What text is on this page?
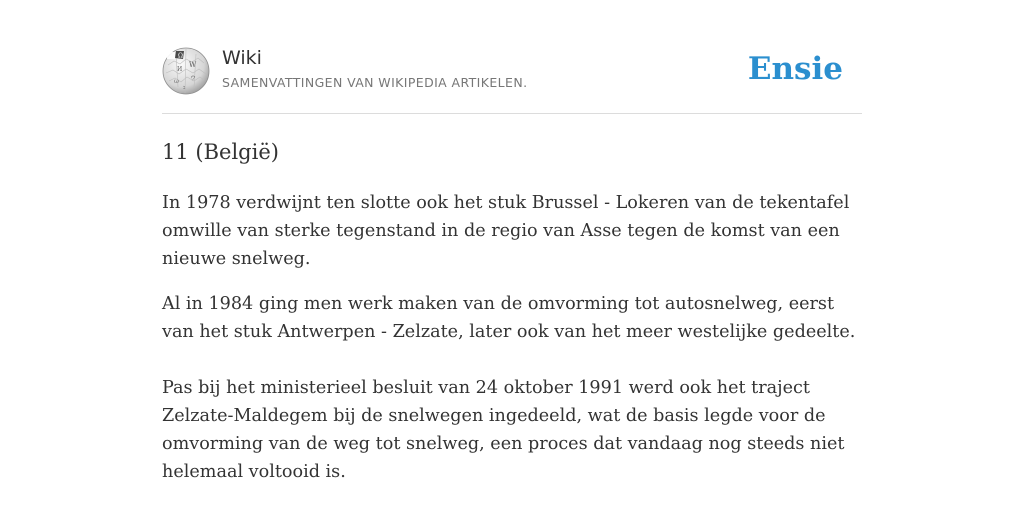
Ω
W
И
ウ
ω
ב
Wiki
SAMENVATTINGEN VAN WIKIPEDIA ARTIKELEN.	Ensie
11 (België)

In 1978 verdwijnt ten slotte ook het stuk Brussel - Lokeren van de tekentafel omwille van sterke tegenstand in de regio van Asse tegen de komst van een nieuwe snelweg.

Al in 1984 ging men werk maken van de omvorming tot autosnelweg, eerst van het stuk Antwerpen - Zelzate, later ook van het meer westelijke gedeelte.
Pas bij het ministerieel besluit van 24 oktober 1991 werd ook het traject Zelzate-Maldegem bij de snelwegen ingedeeld, wat de basis legde voor de omvorming van de weg tot snelweg, een proces dat vandaag nog steeds niet helemaal voltooid is.
